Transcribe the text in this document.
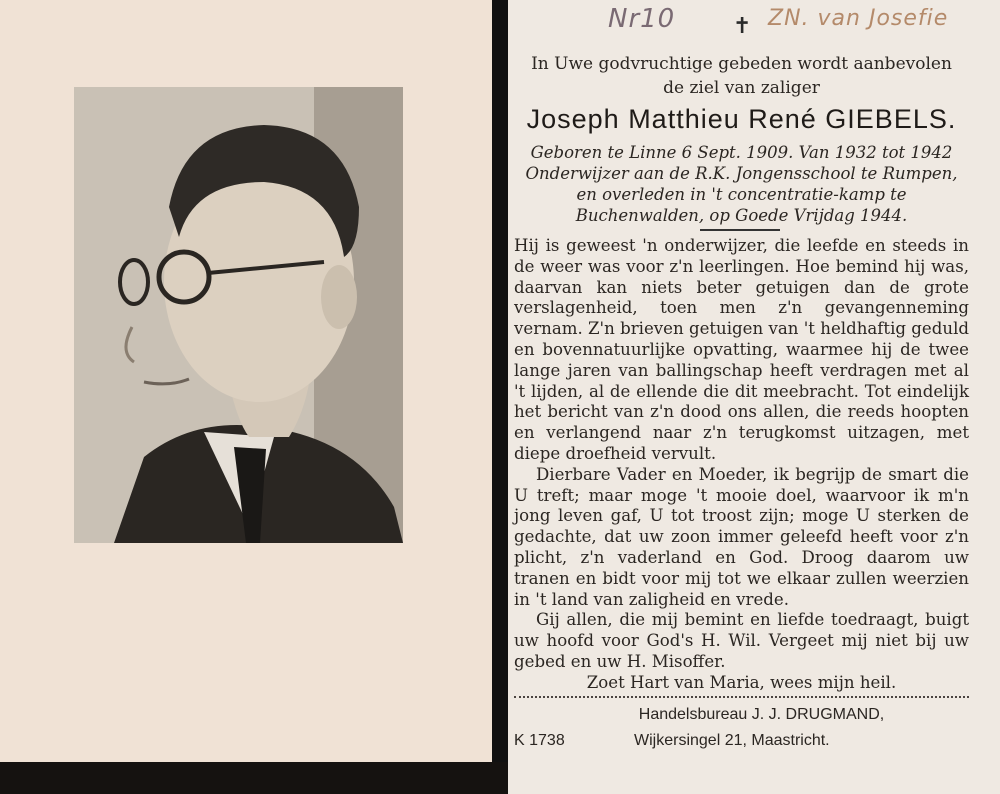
Nr10	✝ ZN. van Josefie
In Uwe godvruchtige gebeden wordt aanbevolen
de ziel van zaliger
Joseph Matthieu René GIEBELS.
Geboren te Linne 6 Sept. 1909. Van 1932 tot 1942 Onderwijzer aan de R.K. Jongensschool te Rumpen, en overleden in 't concentratie-kamp te Buchenwalden, op Goede Vrijdag 1944.

Hij is geweest 'n onderwijzer, die leefde en steeds in de weer was voor z'n leerlingen. Hoe bemind hij was, daarvan kan niets beter getuigen dan de grote verslagenheid, toen men z'n gevangenneming vernam. Z'n brieven getuigen van 't heldhaftig geduld en bovennatuurlijke opvatting, waarmee hij de twee lange jaren van ballingschap heeft verdragen met al 't lijden, al de ellende die dit meebracht. Tot eindelijk het bericht van z'n dood ons allen, die reeds hoopten en verlangend naar z'n terugkomst uitzagen, met diepe droefheid vervult.

Dierbare Vader en Moeder, ik begrijp de smart die U treft; maar moge 't mooie doel, waarvoor ik m'n jong leven gaf, U tot troost zijn; moge U sterken de gedachte, dat uw zoon immer geleefd heeft voor z'n plicht, z'n vaderland en God. Droog daarom uw tranen en bidt voor mij tot we elkaar zullen weerzien in 't land van zaligheid en vrede.

Gij allen, die mij bemint en liefde toedraagt, buigt uw hoofd voor God's H. Wil. Vergeet mij niet bij uw gebed en uw H. Misoffer.

Zoet Hart van Maria, wees mijn heil.

Handelsbureau J. J. DRUGMAND,
K 1738	Wijkersingel 21, Maastricht.
